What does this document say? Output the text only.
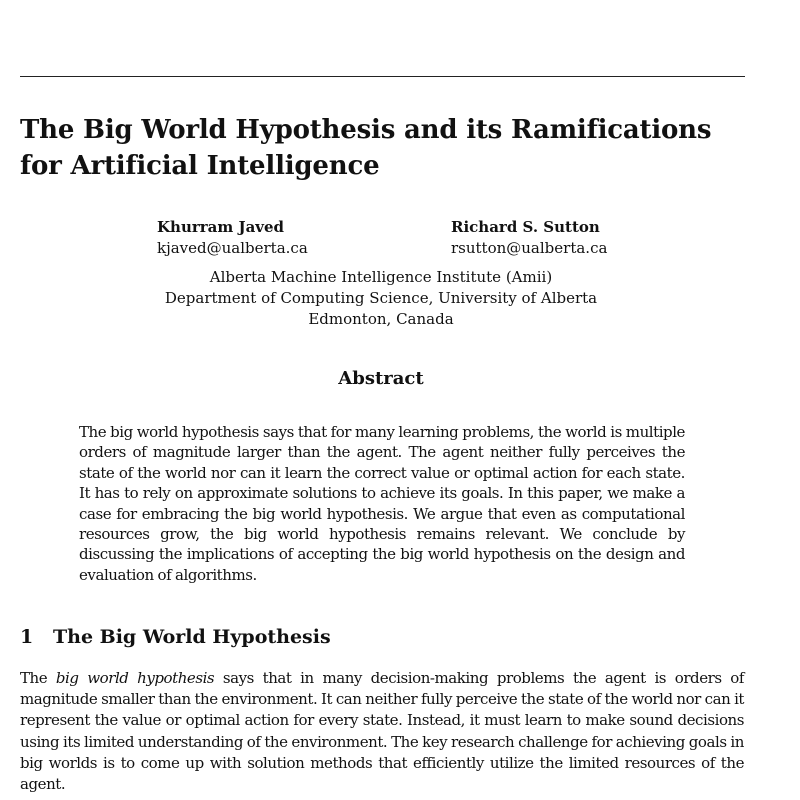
The Big World Hypothesis and its Ramifications for Artificial Intelligence
Khurram Javed
kjaved@ualberta.ca
Richard S. Sutton
rsutton@ualberta.ca
Alberta Machine Intelligence Institute (Amii)
Department of Computing Science, University of Alberta
Edmonton, Canada
Abstract

The big world hypothesis says that for many learning problems, the world is multiple orders of magnitude larger than the agent. The agent neither fully perceives the state of the world nor can it learn the correct value or optimal action for each state. It has to rely on approximate solutions to achieve its goals. In this paper, we make a case for embracing the big world hypothesis. We argue that even as computational resources grow, the big world hypothesis remains relevant. We conclude by discussing the implications of accepting the big world hypothesis on the design and evaluation of algorithms.

1 The Big World Hypothesis

The big world hypothesis says that in many decision-making problems the agent is orders of magnitude smaller than the environment. It can neither fully perceive the state of the world nor can it represent the value or optimal action for every state. Instead, it must learn to make sound decisions using its limited understanding of the environment. The key research challenge for achieving goals in big worlds is to come up with solution methods that efficiently utilize the limited resources of the agent.
